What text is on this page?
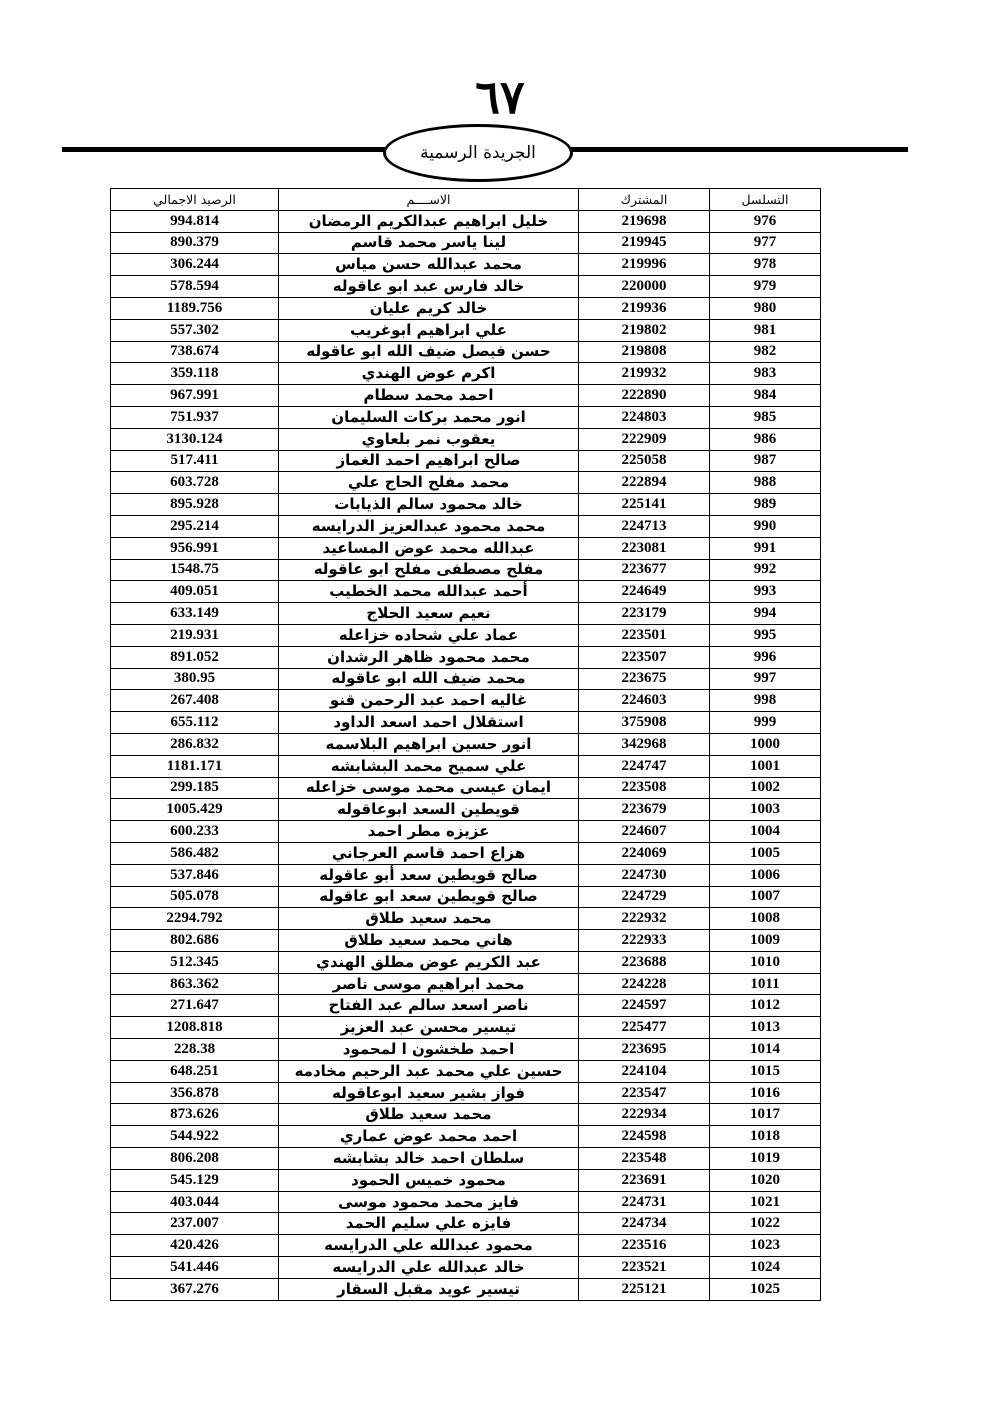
٦٧
الجريدة الرسمية
الرصيد الاجمالي	الاســــم	المشترك	التسلسل
994.814	خليل ابراهيم عبدالكريم الرمضان	219698	976
890.379	لينا ياسر محمد قاسم	219945	977
306.244	محمد عبدالله حسن مياس	219996	978
578.594	خالد فارس عبد ابو عاقوله	220000	979
1189.756	خالد كريم عليان	219936	980
557.302	علي ابراهيم ابوغريب	219802	981
738.674	حسن فيصل ضيف الله ابو عاقوله	219808	982
359.118	اكرم عوض الهندي	219932	983
967.991	احمد محمد سطام	222890	984
751.937	انور محمد بركات السليمان	224803	985
3130.124	يعقوب نمر بلعاوي	222909	986
517.411	صالح ابراهيم احمد الغماز	225058	987
603.728	محمد مفلح الحاج علي	222894	988
895.928	خالد محمود سالم الذيابات	225141	989
295.214	محمد محمود عبدالعزيز الدرايسه	224713	990
956.991	عبدالله محمد عوض المساعيد	223081	991
1548.75	مفلح مصطفى مفلح ابو عاقوله	223677	992
409.051	أحمد عبدالله محمد الخطيب	224649	993
633.149	نعيم سعيد الحلاج	223179	994
219.931	عماد علي شحاده خزاعله	223501	995
891.052	محمد محمود ظاهر الرشدان	223507	996
380.95	محمد ضيف الله ابو عاقوله	223675	997
267.408	غاليه احمد عبد الرحمن قنو	224603	998
655.112	استقلال احمد اسعد الداود	375908	999
286.832	انور حسين ابراهيم البلاسمه	342968	1000
1181.171	علي سميح محمد البشابشه	224747	1001
299.185	ايمان عيسى محمد موسى خزاعله	223508	1002
1005.429	قويطين السعد ابوعاقوله	223679	1003
600.233	عزيزه مطر احمد	224607	1004
586.482	هزاع احمد قاسم العرجاني	224069	1005
537.846	صالح قويطين سعد أبو عاقوله	224730	1006
505.078	صالح قويطين سعد ابو عاقوله	224729	1007
2294.792	محمد سعيد طلاق	222932	1008
802.686	هاني محمد سعيد طلاق	222933	1009
512.345	عبد الكريم عوض مطلق الهندي	223688	1010
863.362	محمد ابراهيم موسى ناصر	224228	1011
271.647	ناصر اسعد سالم عبد الفتاح	224597	1012
1208.818	تيسير محسن عبد العزيز	225477	1013
228.38	احمد طخشون ا لمحمود	223695	1014
648.251	حسين علي محمد عبد الرحيم مخادمه	224104	1015
356.878	فواز بشير سعيد ابوعاقوله	223547	1016
873.626	محمد سعيد طلاق	222934	1017
544.922	احمد محمد عوض عماري	224598	1018
806.208	سلطان احمد خالد بشابشه	223548	1019
545.129	محمود خميس الحمود	223691	1020
403.044	فايز محمد محمود موسى	224731	1021
237.007	فايزه علي سليم الحمد	224734	1022
420.426	محمود عبدالله علي الدرايسه	223516	1023
541.446	خالد عبدالله علي الدرايسه	223521	1024
367.276	تيسير عويد مقبل السقار	225121	1025
